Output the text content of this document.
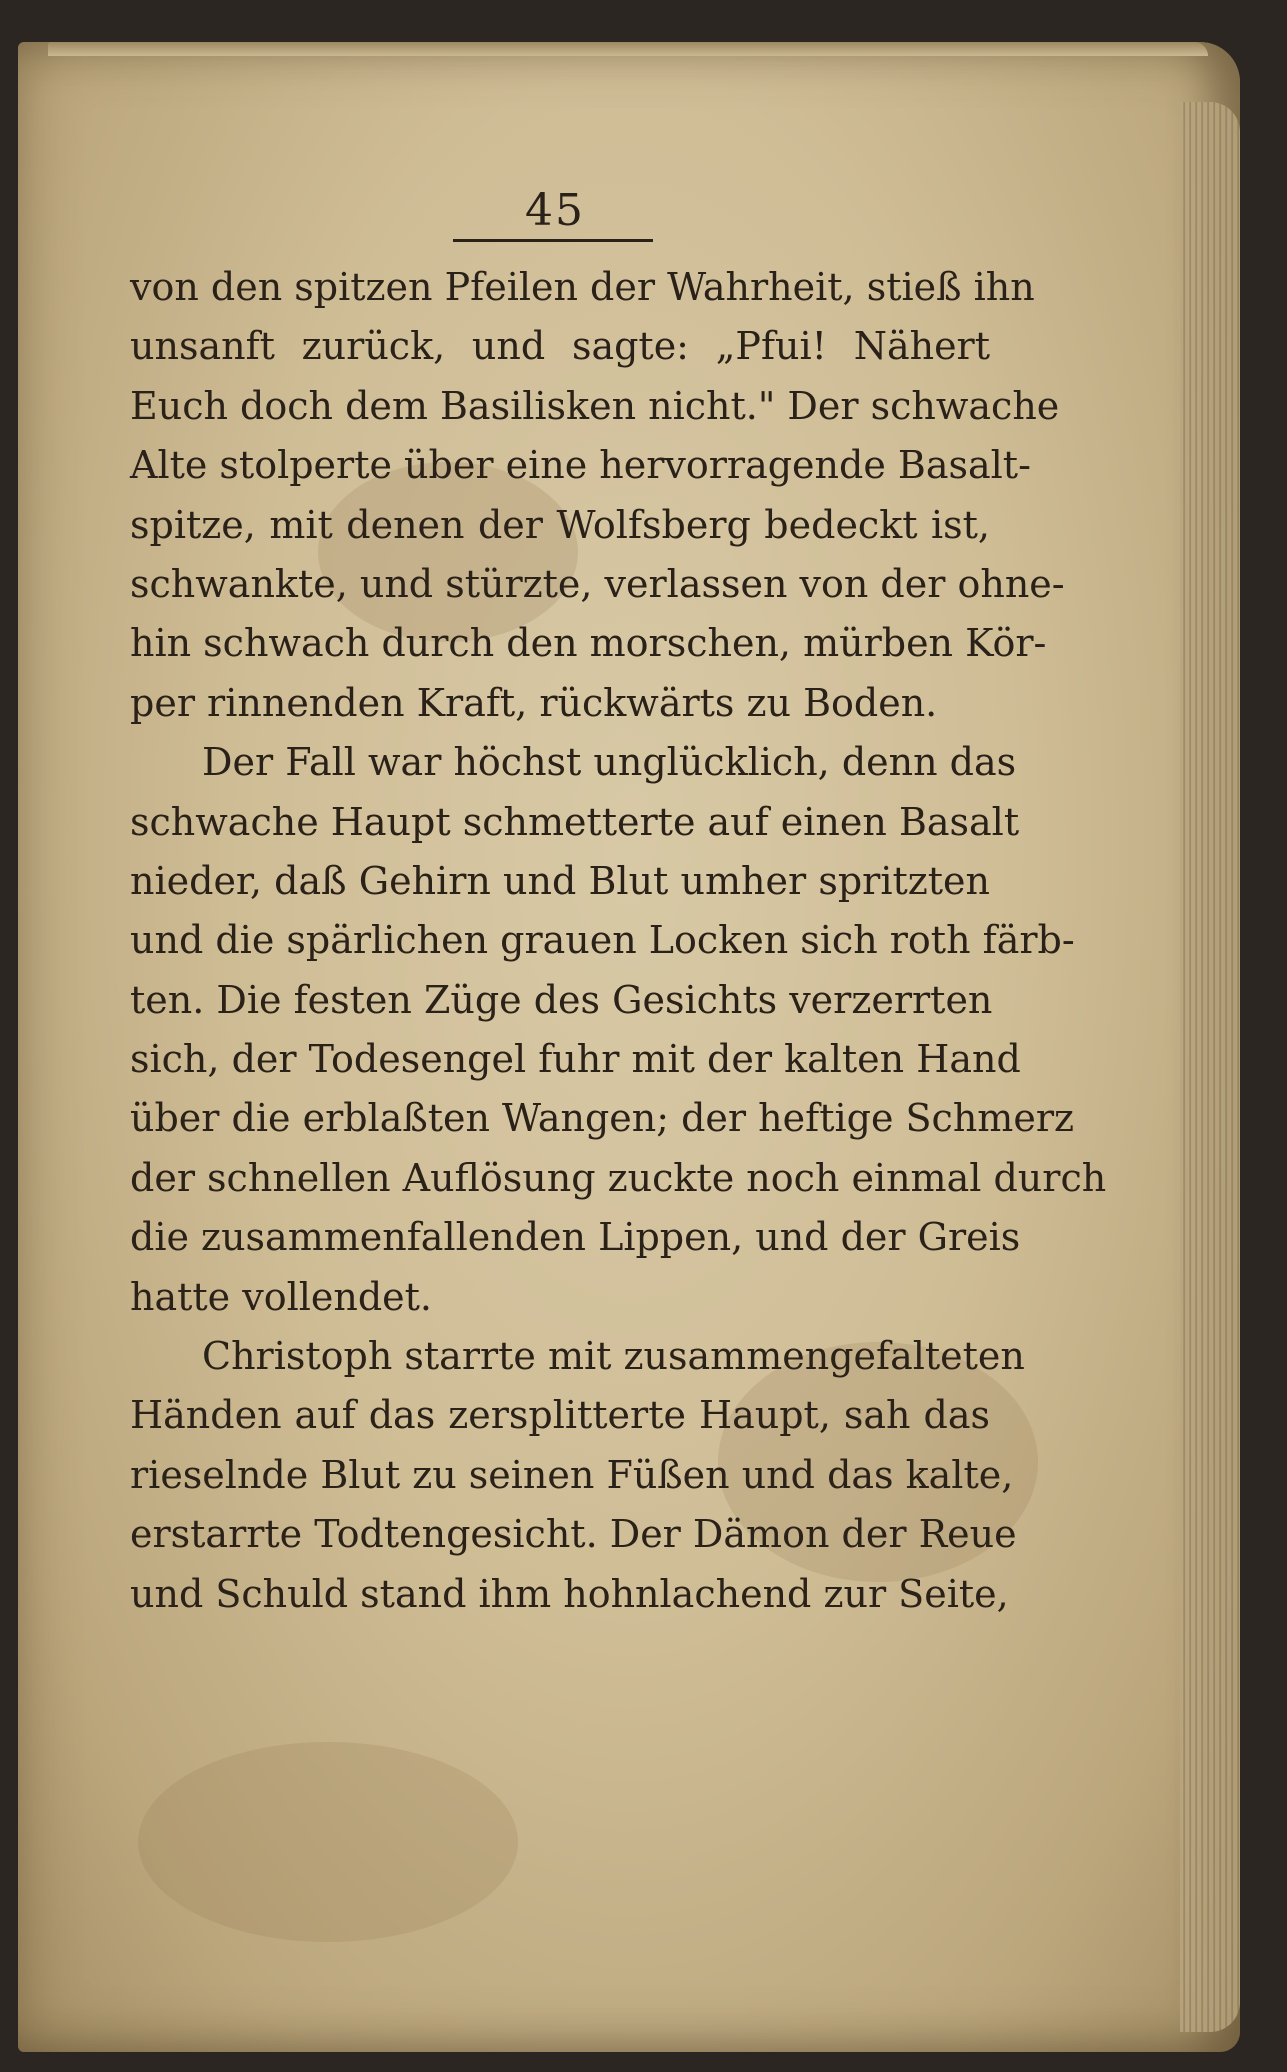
45
von den spitzen Pfeilen der Wahrheit, stieß ihn
unsanft zurück, und sagte: „Pfui! Nähert
Euch doch dem Basilisken nicht." Der schwache
Alte stolperte über eine hervorragende Basalt-
spitze, mit denen der Wolfsberg bedeckt ist,
schwankte, und stürzte, verlassen von der ohne-
hin schwach durch den morschen, mürben Kör-
per rinnenden Kraft, rückwärts zu Boden.
Der Fall war höchst unglücklich, denn das
schwache Haupt schmetterte auf einen Basalt
nieder, daß Gehirn und Blut umher spritzten
und die spärlichen grauen Locken sich roth färb-
ten. Die festen Züge des Gesichts verzerrten
sich, der Todesengel fuhr mit der kalten Hand
über die erblaßten Wangen; der heftige Schmerz
der schnellen Auflösung zuckte noch einmal durch
die zusammenfallenden Lippen, und der Greis
hatte vollendet.
Christoph starrte mit zusammengefalteten
Händen auf das zersplitterte Haupt, sah das
rieselnde Blut zu seinen Füßen und das kalte,
erstarrte Todtengesicht. Der Dämon der Reue
und Schuld stand ihm hohnlachend zur Seite,
